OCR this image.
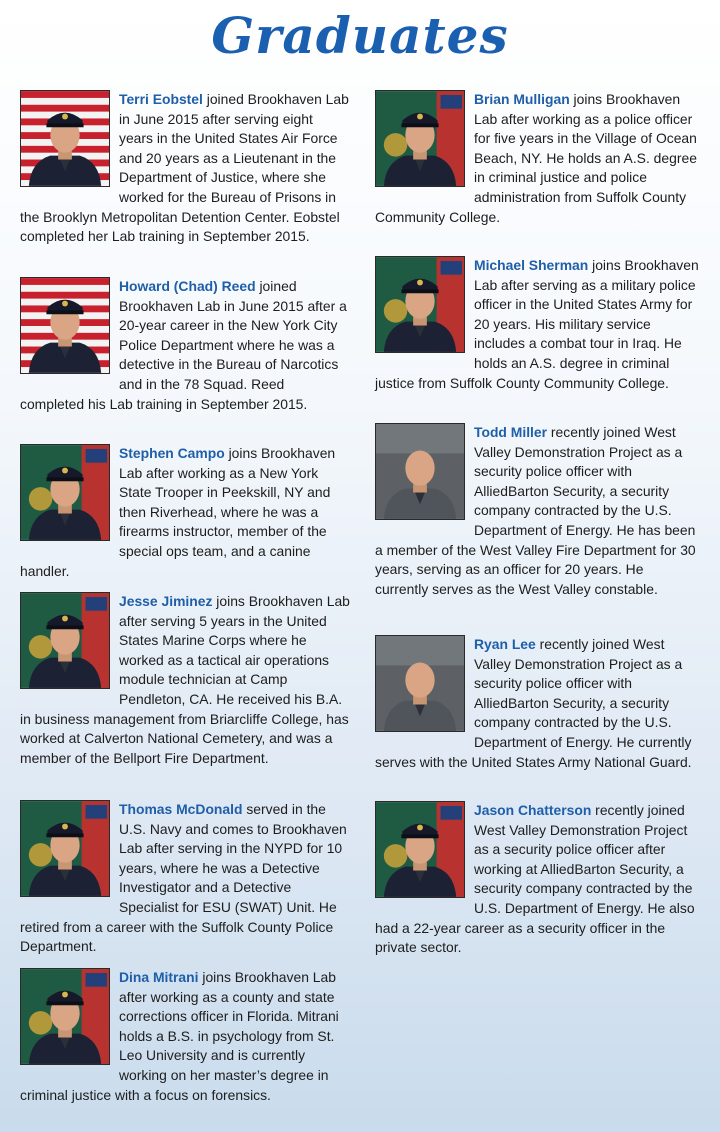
Graduates

Terri Eobstel joined Brookhaven Lab in June 2015 after serving eight years in the United States Air Force and 20 years as a Lieutenant in the Department of Justice, where she worked for the Bureau of Prisons in the Brooklyn Metropolitan Detention Center. Eobstel completed her Lab training in September 2015.

Howard (Chad) Reed joined Brookhaven Lab in June 2015 after a 20-year career in the New York City Police Department where he was a detective in the Bureau of Narcotics and in the 78 Squad. Reed completed his Lab training in September 2015.

Stephen Campo joins Brookhaven Lab after working as a New York State Trooper in Peekskill, NY and then Riverhead, where he was a firearms instructor, member of the special ops team, and a canine handler.

Jesse Jiminez joins Brookhaven Lab after serving 5 years in the United States Marine Corps where he worked as a tactical air operations module technician at Camp Pendleton, CA. He received his B.A. in business management from Briarcliffe College, has worked at Calverton National Cemetery, and was a member of the Bellport Fire Department.

Thomas McDonald served in the U.S. Navy and comes to Brookhaven Lab after serving in the NYPD for 10 years, where he was a Detective Investigator and a Detective Specialist for ESU (SWAT) Unit. He retired from a career with the Suffolk County Police Department.

Dina Mitrani joins Brookhaven Lab after working as a county and state corrections officer in Florida. Mitrani holds a B.S. in psychology from St. Leo University and is currently working on her master’s degree in criminal justice with a focus on forensics.

Brian Mulligan joins Brookhaven Lab after working as a police officer for five years in the Village of Ocean Beach, NY. He holds an A.S. degree in criminal justice and police administration from Suffolk County Community College.

Michael Sherman joins Brookhaven Lab after serving as a military police officer in the United States Army for 20 years. His military service includes a combat tour in Iraq. He holds an A.S. degree in criminal justice from Suffolk County Community College.

Todd Miller recently joined West Valley Demonstration Project as a security police officer with AlliedBarton Security, a security company contracted by the U.S. Department of Energy. He has been a member of the West Valley Fire Department for 30 years, serving as an officer for 20 years. He currently serves as the West Valley constable.

Ryan Lee recently joined West Valley Demonstration Project as a security police officer with AlliedBarton Security, a security company contracted by the U.S. Department of Energy. He currently serves with the United States Army National Guard.

Jason Chatterson recently joined West Valley Demonstration Project as a security police officer after working at AlliedBarton Security, a security company contracted by the U.S. Department of Energy. He also had a 22-year career as a security officer in the private sector.
